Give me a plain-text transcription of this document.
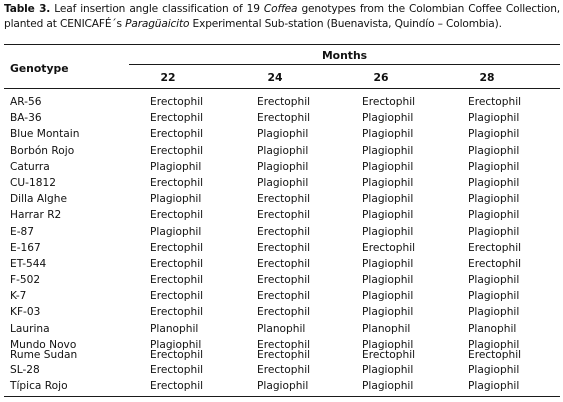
Table 3. Leaf insertion angle classification of 19 Coffea genotypes from the Colombian Coffee Collection, planted at CENICAFÉ´s Paragüaicito Experimental Sub-station (Buenavista, Quindío – Colombia).
Months
Genotype
22	24	26	28
AR-56	Erectophil	Erectophil	Erectophil	Erectophil
BA-36	Erectophil	Erectophil	Plagiophil	Plagiophil
Blue Montain	Erectophil	Plagiophil	Plagiophil	Plagiophil
Borbón Rojo	Erectophil	Plagiophil	Plagiophil	Plagiophil
Caturra	Plagiophil	Plagiophil	Plagiophil	Plagiophil
CU-1812	Erectophil	Plagiophil	Plagiophil	Plagiophil
Dilla Alghe	Plagiophil	Erectophil	Plagiophil	Plagiophil
Harrar R2	Erectophil	Erectophil	Plagiophil	Plagiophil
E-87	Plagiophil	Erectophil	Plagiophil	Plagiophil
E-167	Erectophil	Erectophil	Erectophil	Erectophil
ET-544	Erectophil	Erectophil	Plagiophil	Erectophil
F-502	Erectophil	Erectophil	Plagiophil	Plagiophil
K-7	Erectophil	Erectophil	Plagiophil	Plagiophil
KF-03	Erectophil	Erectophil	Plagiophil	Plagiophil
Laurina	Planophil	Planophil	Planophil	Planophil
Mundo Novo	Plagiophil	Erectophil	Plagiophil	Plagiophil
Rume Sudan	Erectophil	Erectophil	Erectophil	Erectophil
SL-28	Erectophil	Erectophil	Plagiophil	Plagiophil
Típica Rojo	Erectophil	Plagiophil	Plagiophil	Plagiophil
